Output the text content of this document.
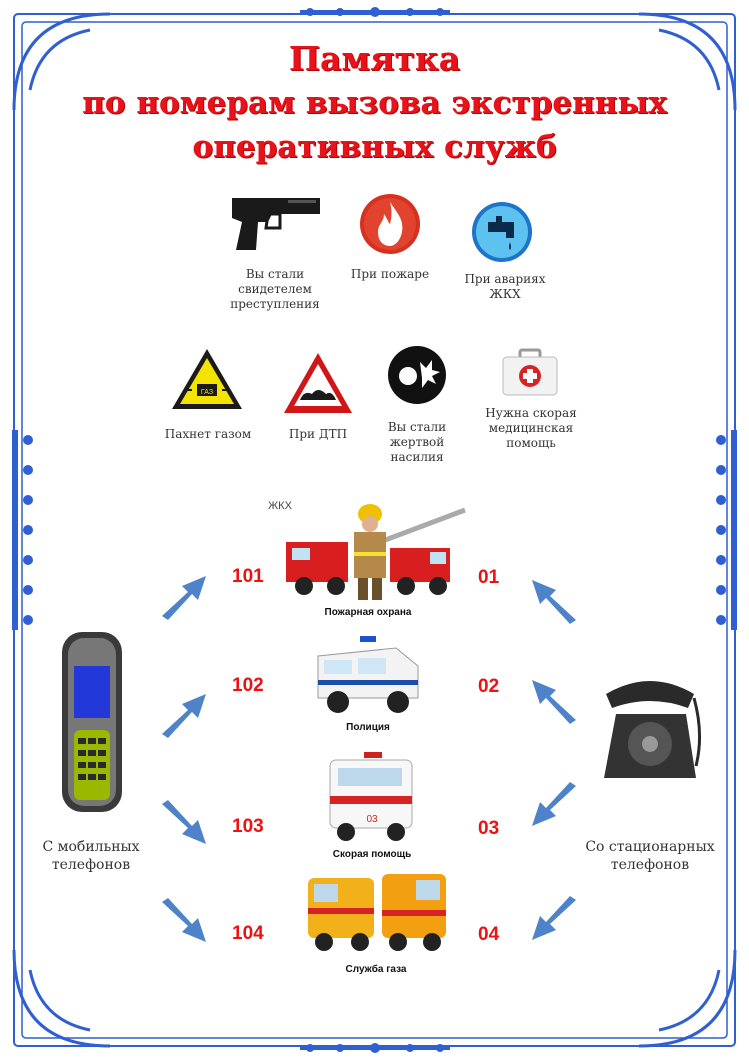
Памятка
по номерам вызова экстренных
оперативных служб
Вы стали
свидетелем
преступления
При пожаре	При авариях
ЖКХ
ГАЗ
Пахнет газом	При ДТП	Вы стали
жертвой
насилия
Нужна скорая
медицинская
помощь
ЖКХ
Пожарная охрана
Полиция
03
Скорая помощь
Служба газа
101
102
103
104
01
02
03
04
С мобильных
телефонов
Со стационарных
телефонов
